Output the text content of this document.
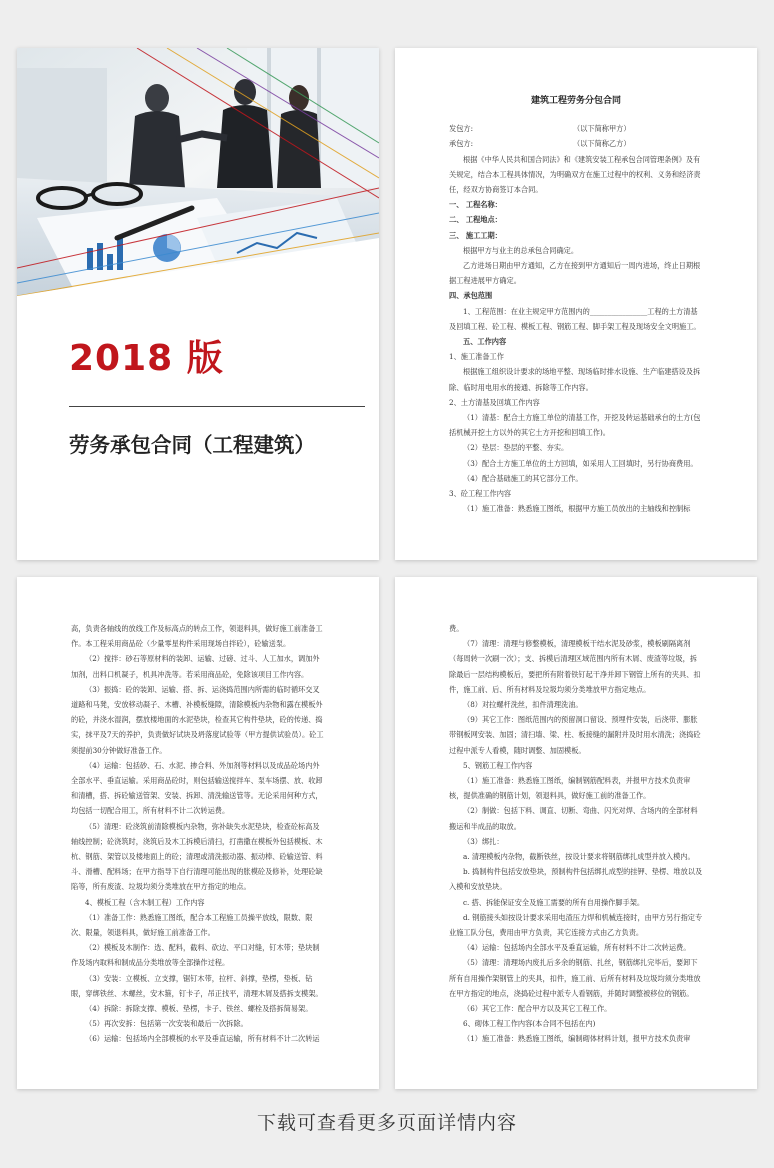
2018 版
劳务承包合同（工程建筑）

建筑工程劳务分包合同

发包方:	（以下简称甲方）
承包方:	（以下简称乙方）

根据《中华人民共和国合同法》和《建筑安装工程承包合同管理条例》及有关规定，结合本工程具体情况，为明确双方在施工过程中的权利、义务和经济责任，经双方协商签订本合同。

一、 工程名称：

二、 工程地点：

三、 施工工期：

根据甲方与业主的总承包合同确定。

乙方进场日期由甲方通知，乙方在接到甲方通知后一周内进场，终止日期根据工程进展甲方确定。

四、承包范围

1、工程范围：在业主规定甲方范围内的________________工程的土方清基及回填工程、砼工程、模板工程、钢筋工程、脚手架工程及现场安全文明施工。

五、工作内容

1、施工准备工作

根据施工组织设计要求的场地平整、现场临时排水设施、生产临建搭设及拆除、临时用电用水的接通、拆除等工作内容。

2、土方清基及回填工作内容

（1）清基：配合土方施工单位的清基工作，开挖及转运基础承台的土方(包括机械开挖土方以外的其它土方开挖和回填工作)。

（2）垫层：垫层的平整、夯实。

（3）配合土方施工单位的土方回填，如采用人工回填时，另行协商费用。

（4）配合基础施工的其它部分工作。

3、砼工程工作内容

（1）施工准备：熟悉施工图纸，根据甲方施工员放出的主轴线和控制标

高，负责各轴线的放线工作及标高点的转点工作，领退料具，做好施工前准备工作。本工程采用商品砼（少量零星构件采用现场自拌砼），砼输送泵。

（2）搅拌：砂石等原材料的装卸、运输、过磅、过斗、人工加水，调加外加剂，出料口机凝子，机具冲洗等。若采用商品砼，免除该项目工作内容。

（3）振捣：砼的装卸、运输、搭、拆、运浇捣范围内所需的临时循环交叉道路和马凳，安放移动凝子、木槽、补模板缝隙，清除模板内杂物和露在模板外的砼，并浇水湿润，摆放楼地面的水泥垫块，检查其它构件垫块，砼的传递、捣实，抹平及7天的养护，负责做好试块及坍落度试验等（甲方提供试验员）。砼工须提前30分钟做好准备工作。

（4）运输：包括砂、石、水泥、掺合料、外加剂等材料以及成品砼场内外全部水平、垂直运输。采用商品砼时，则包括输送搅拌车、泵车场摆、放、收卸和清槽，搭、拆砼输送管架、安装、拆卸、清洗输送管等。无论采用何种方式，均包括一切配合用工，所有材料不计二次转运费。

（5）清理：砼浇筑前清除模板内杂物，弥补缺失水泥垫块，检查砼标高及轴线控制；砼浇筑时，浇筑后及木工拆模后清扫，打凿撒在模板外包括模板、木杭、钢筋、架管以及楼地面上的砼；清理或清洗振动器、振动棒、砼输送管、料斗、滑槽、配料场；在甲方指导下自行清理可能出现的胀模砼及修补，处理砼缺陷等，所有废渣、垃圾均须分类堆放在甲方指定的地点。

4、模板工程（含木制工程）工作内容

（1）准备工作：熟悉施工图纸，配合本工程施工员操平放线，限数、限次、限量，领退料具，做好施工前准备工作。

（2）模板及木制作：选、配料，截料、砍边、平口对缝，钉木带；垫块制作及场内取料和制成品分类堆放等全部操作过程。

（3）安装：立模板、立支撑，锯钉木带，拉杆、斜撑，垫楞，垫板、钻眼，穿绑铁丝、木螺丝，安木箍，钉卡子，吊正找平，清理木屑及搭拆支模架。

（4）拆除：拆除支撑、模板、垫楞，卡子、铁丝、螺栓及搭拆简易架。

（5）再次安拆：包括第一次安装和最后一次拆除。

（6）运输：包括场内全部模板的水平及垂直运输，所有材料不计二次转运

费。

（7）清理：清理与修整模板，清理模板干结水泥及砂浆，模板刷隔离剂（每周转一次刷一次）；支、拆模后清理区域范围内所有木屑、废渣等垃圾，拆除最后一层结构模板后，要把所有附着铁钉起干净并卸下钢管上所有的夹具、扣件，施工前、后、所有材料及垃圾均须分类堆放甲方指定地点。

（8）对拉螺杆洗丝，扣件清理洗油。

（9）其它工作：图纸范围内的预留洞口留设、预埋件安装，后浇带、膨胀带钢板网安装、加固；清扫墙、梁、柱、板接缝的漏附并及时用水清洗；浇捣砼过程中派专人看模，随时调整、加固模板。

5、钢筋工程工作内容

（1）施工准备：熟悉施工图纸，编制钢筋配料表，并报甲方技术负责审核，提供准确的钢筋计划，领退料具，做好施工前的准备工作。

（2）制做：包括下料、调直、切断、弯曲、闪光对焊、含场内的全部材料搬运和半成品的取放。

（3）绑扎：

a. 清理模板内杂物，截断铁丝，按设计要求将钢筋绑扎成型并放入模内。

b. 捣制构件包括安放垫块，预制构件包括绑扎成型的挂钾、垫楞、堆放以及入模和安放垫块。

c. 搭、拆能保证安全及施工需要的所有自用操作脚手架。

d. 钢筋接头如按设计要求采用电渣压力焊和机械连接时，由甲方另行指定专业施工队分包，费用由甲方负责，其它连接方式由乙方负责。

（4）运输：包括场内全部水平及垂直运输，所有材料不计二次转运费。

（5）清理：清理场内废扎后多余的钢筋、扎丝，钢筋绑扎完毕后，要卸下所有自用操作架钢管上的夹具，扣件，施工前、后所有材料及垃圾均须分类堆放在甲方指定的地点，浇捣砼过程中派专人看钢筋，并随时调整被移位的钢筋。

（6）其它工作：配合甲方以及其它工程工作。

6、砌体工程工作内容(本合同不包括在内)

（1）施工准备：熟悉施工图纸，编制砌体材料计划，报甲方技术负责审

下载可查看更多页面详情内容
